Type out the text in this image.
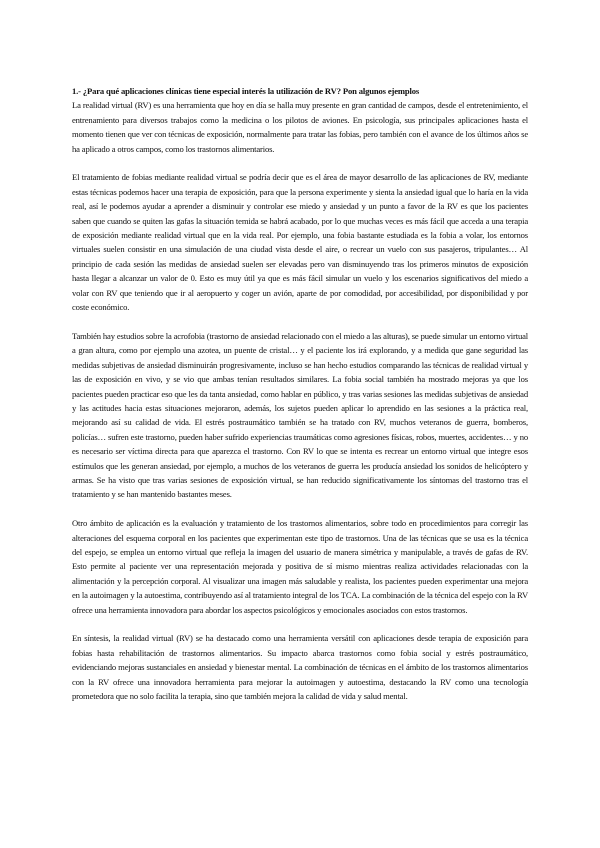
1.- ¿Para qué aplicaciones clínicas tiene especial interés la utilización de RV? Pon algunos ejemplos

La realidad virtual (RV) es una herramienta que hoy en día se halla muy presente en gran cantidad de campos, desde el entretenimiento, el entrenamiento para diversos trabajos como la medicina o los pilotos de aviones. En psicología, sus principales aplicaciones hasta el momento tienen que ver con técnicas de exposición, normalmente para tratar las fobias, pero también con el avance de los últimos años se ha aplicado a otros campos, como los trastornos alimentarios.

El tratamiento de fobias mediante realidad virtual se podría decir que es el área de mayor desarrollo de las aplicaciones de RV, mediante estas técnicas podemos hacer una terapia de exposición, para que la persona experimente y sienta la ansiedad igual que lo haría en la vida real, así le podemos ayudar a aprender a disminuir y controlar ese miedo y ansiedad y un punto a favor de la RV es que los pacientes saben que cuando se quiten las gafas la situación temida se habrá acabado, por lo que muchas veces es más fácil que acceda a una terapia de exposición mediante realidad virtual que en la vida real. Por ejemplo, una fobia bastante estudiada es la fobia a volar, los entornos virtuales suelen consistir en una simulación de una ciudad vista desde el aire, o recrear un vuelo con sus pasajeros, tripulantes… Al principio de cada sesión las medidas de ansiedad suelen ser elevadas pero van disminuyendo tras los primeros minutos de exposición hasta llegar a alcanzar un valor de 0. Esto es muy útil ya que es más fácil simular un vuelo y los escenarios significativos del miedo a volar con RV que teniendo que ir al aeropuerto y coger un avión, aparte de por comodidad, por accesibilidad, por disponibilidad y por coste económico.

También hay estudios sobre la acrofobia (trastorno de ansiedad relacionado con el miedo a las alturas), se puede simular un entorno virtual a gran altura, como por ejemplo una azotea, un puente de cristal… y el paciente los irá explorando, y a medida que gane seguridad las medidas subjetivas de ansiedad disminuirán progresivamente, incluso se han hecho estudios comparando las técnicas de realidad virtual y las de exposición en vivo, y se vio que ambas tenían resultados similares. La fobia social también ha mostrado mejoras ya que los pacientes pueden practicar eso que les da tanta ansiedad, como hablar en público, y tras varias sesiones las medidas subjetivas de ansiedad y las actitudes hacia estas situaciones mejoraron, además, los sujetos pueden aplicar lo aprendido en las sesiones a la práctica real, mejorando así su calidad de vida. El estrés postraumático también se ha tratado con RV, muchos veteranos de guerra, bomberos, policías… sufren este trastorno, pueden haber sufrido experiencias traumáticas como agresiones físicas, robos, muertes, accidentes… y no es necesario ser víctima directa para que aparezca el trastorno. Con RV lo que se intenta es recrear un entorno virtual que integre esos estímulos que les generan ansiedad, por ejemplo, a muchos de los veteranos de guerra les producía ansiedad los sonidos de helicóptero y armas. Se ha visto que tras varias sesiones de exposición virtual, se han reducido significativamente los síntomas del trastorno tras el tratamiento y se han mantenido bastantes meses.

Otro ámbito de aplicación es la evaluación y tratamiento de los trastornos alimentarios, sobre todo en procedimientos para corregir las alteraciones del esquema corporal en los pacientes que experimentan este tipo de trastornos. Una de las técnicas que se usa es la técnica del espejo, se emplea un entorno virtual que refleja la imagen del usuario de manera simétrica y manipulable, a través de gafas de RV. Esto permite al paciente ver una representación mejorada y positiva de sí mismo mientras realiza actividades relacionadas con la alimentación y la percepción corporal. Al visualizar una imagen más saludable y realista, los pacientes pueden experimentar una mejora en la autoimagen y la autoestima, contribuyendo así al tratamiento integral de los TCA. La combinación de la técnica del espejo con la RV ofrece una herramienta innovadora para abordar los aspectos psicológicos y emocionales asociados con estos trastornos.

En síntesis, la realidad virtual (RV) se ha destacado como una herramienta versátil con aplicaciones desde terapia de exposición para fobias hasta rehabilitación de trastornos alimentarios. Su impacto abarca trastornos como fobia social y estrés postraumático, evidenciando mejoras sustanciales en ansiedad y bienestar mental. La combinación de técnicas en el ámbito de los trastornos alimentarios con la RV ofrece una innovadora herramienta para mejorar la autoimagen y autoestima, destacando la RV como una tecnología prometedora que no solo facilita la terapia, sino que también mejora la calidad de vida y salud mental.
